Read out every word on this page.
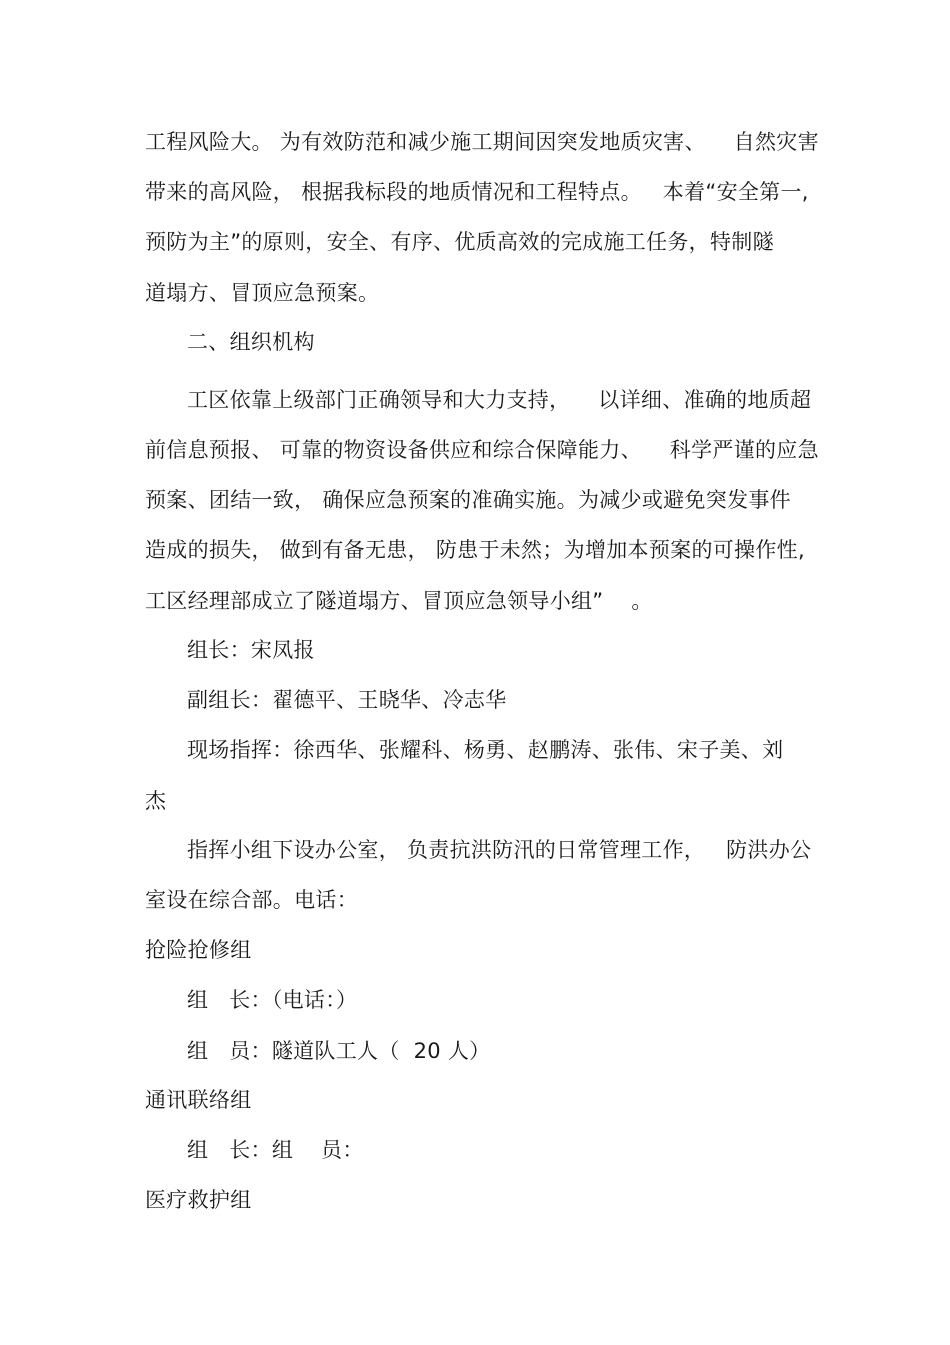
工程风险大。 为有效防范和减少施工期间因突发地质灾害、    自然灾害
带来的高风险， 根据我标段的地质情况和工程特点。   本着“安全第一,
预防为主”的原则，安全、有序、优质高效的完成施工任务，特制隧
道塌方、冒顶应急预案。
二、组织机构
工区依靠上级部门正确领导和大力支持，    以详细、准确的地质超
前信息预报、 可靠的物资设备供应和综合保障能力、    科学严谨的应急
预案、团结一致， 确保应急预案的准确实施。为减少或避免突发事件
造成的损失， 做到有备无患， 防患于未然；为增加本预案的可操作性,
工区经理部成立了隧道塌方、冒顶应急领导小组”    。
组长：宋凤报
副组长：翟德平、王晓华、冷志华
现场指挥：徐西华、张耀科、杨勇、赵鹏涛、张伟、宋子美、刘
杰
指挥小组下设办公室， 负责抗洪防汛的日常管理工作，   防洪办公
室设在综合部。电话：
抢险抢修组
组   长：（电话：）
组   员：隧道队工人（  20 人）
通讯联络组
组   长：组    员：
医疗救护组
